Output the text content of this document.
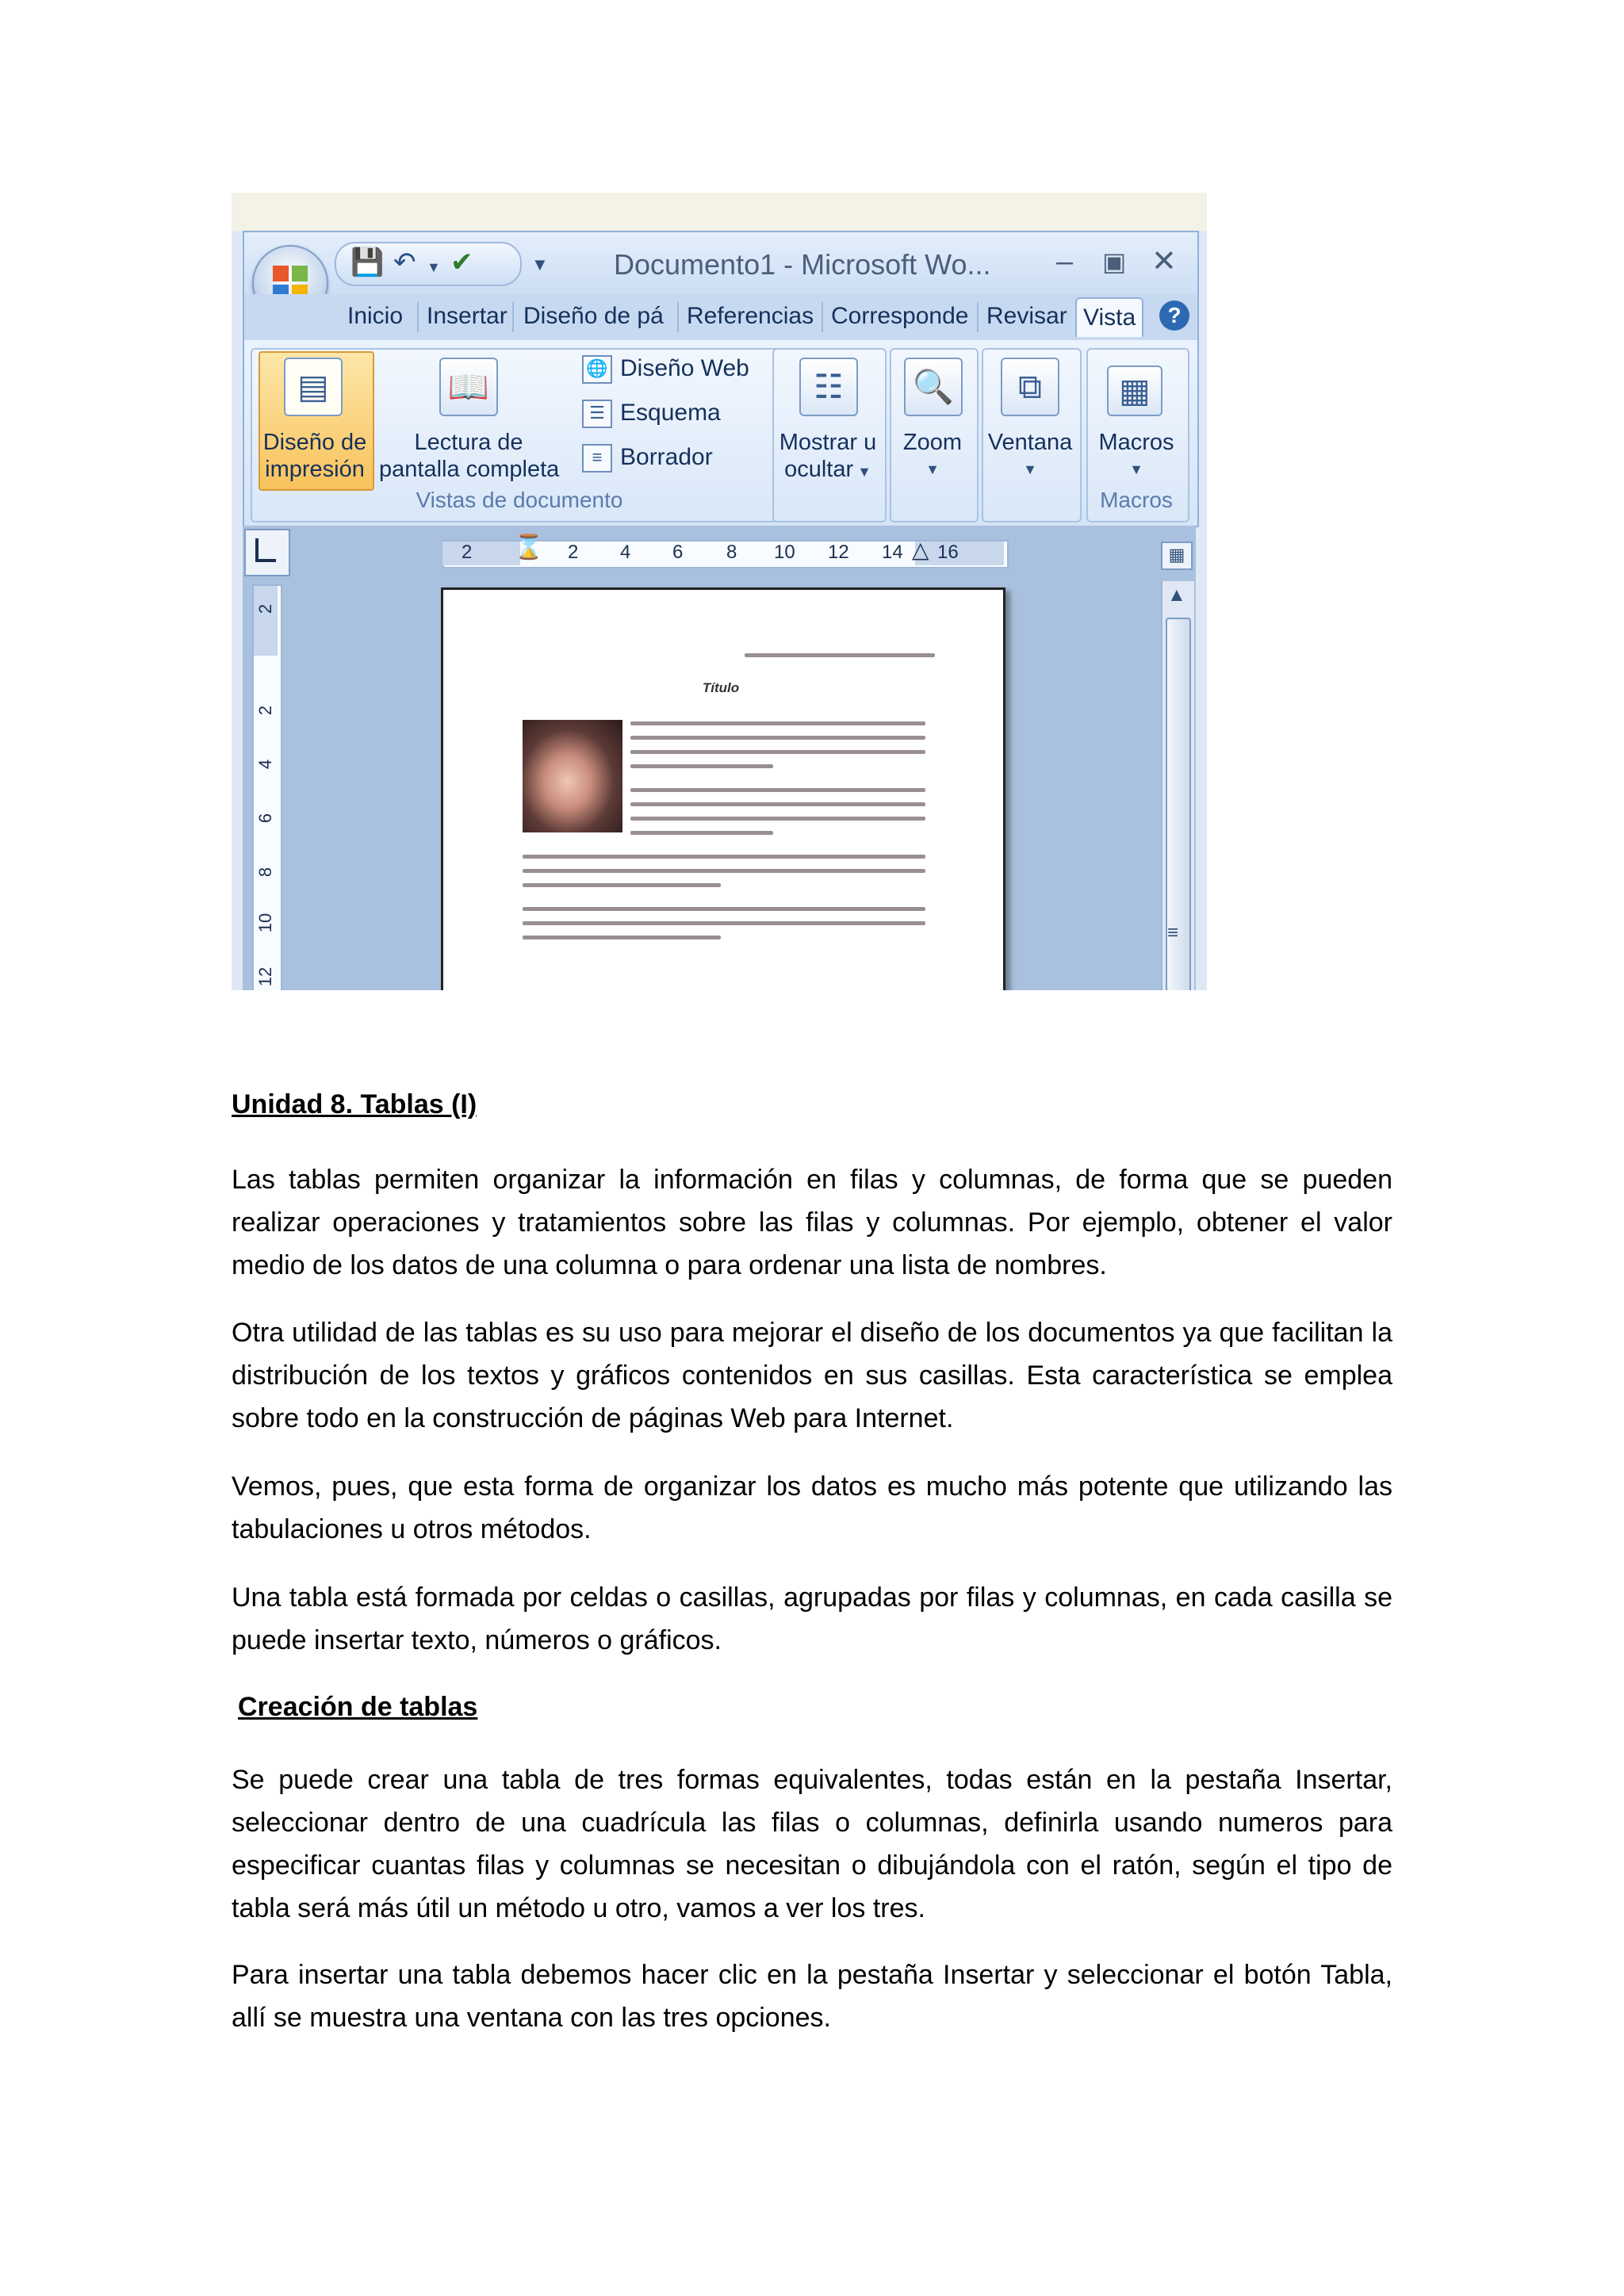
💾 ↶ ▼ ✔	▼ Documento1 - Microsoft Wo... – ▣ ✕
Inicio Insertar Diseño de pá Referencias Corresponde Revisar Vista	?
▤
Diseño de
impresión
📖
Lectura de
pantalla completa
🌐 Diseño Web
☰ Esquema
≡ Borrador
Vistas de documento
☷
Mostrar u
ocultar ▼
🔍
Zoom
▼
⧉
Ventana
▼
▦
Macros
▼
Macros
2 ⌛ 2 4 6 8 10 12 14 △ 16
2
2
4
6
8
10
12
▦
▲
≡
Título
Unidad 8. Tablas (I)
Las tablas permiten organizar la información en filas y columnas, de forma que se pueden realizar operaciones y tratamientos sobre las filas y columnas. Por ejemplo, obtener el valor medio de los datos de una columna o para ordenar una lista de nombres.
Otra utilidad de las tablas es su uso para mejorar el diseño de los documentos ya que facilitan la distribución de los textos y gráficos contenidos en sus casillas. Esta característica se emplea sobre todo en la construcción de páginas Web para Internet.
Vemos, pues, que esta forma de organizar los datos es mucho más potente que utilizando las tabulaciones u otros métodos.
Una tabla está formada por celdas o casillas, agrupadas por filas y columnas, en cada casilla se puede insertar texto, números o gráficos.
Creación de tablas
Se puede crear una tabla de tres formas equivalentes, todas están en la pestaña Insertar, seleccionar dentro de una cuadrícula las filas o columnas, definirla usando numeros para especificar cuantas filas y columnas se necesitan o dibujándola con el ratón, según el tipo de tabla será más útil un método u otro, vamos a ver los tres.
Para insertar una tabla debemos hacer clic en la pestaña Insertar y seleccionar el botón Tabla, allí se muestra una ventana con las tres opciones.
